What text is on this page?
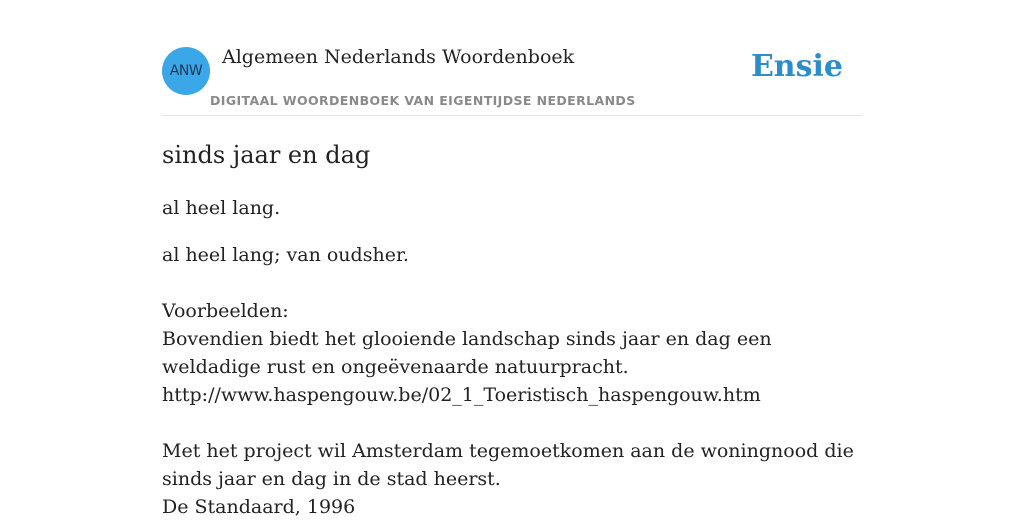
ANW
Algemeen Nederlands Woordenboek
DIGITAAL WOORDENBOEK VAN EIGENTIJDSE NEDERLANDS
Ensie
sinds jaar en dag
al heel lang.
al heel lang; van oudsher.
Voorbeelden:
Bovendien biedt het glooiende landschap sinds jaar en dag een weldadige rust en ongeëvenaarde natuurpracht.
http://www.haspengouw.be/02_1_Toeristisch_haspengouw.htm
Met het project wil Amsterdam tegemoetkomen aan de woningnood die sinds jaar en dag in de stad heerst.
De Standaard, 1996
